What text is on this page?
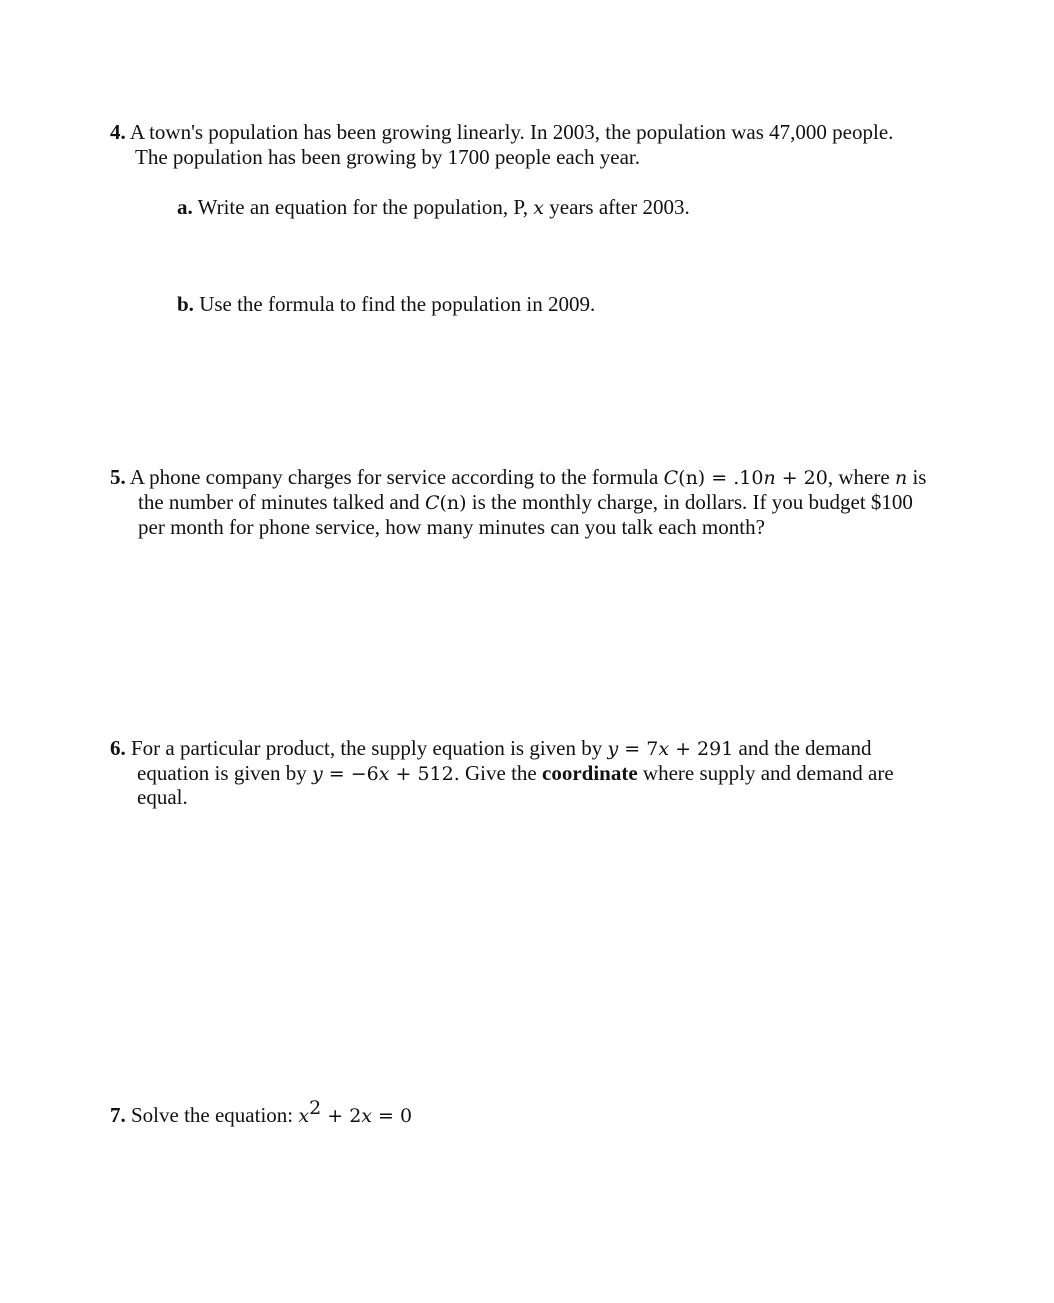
4. A town's population has been growing linearly. In 2003, the population was 47,000 people.
The population has been growing by 1700 people each year.
a. Write an equation for the population, P, x years after 2003.
b. Use the formula to find the population in 2009.
5. A phone company charges for service according to the formula C(n) = .10n + 20, where n is
the number of minutes talked and C(n) is the monthly charge, in dollars. If you budget $100
per month for phone service, how many minutes can you talk each month?
6. For a particular product, the supply equation is given by y = 7x + 291 and the demand
equation is given by y = −6x + 512. Give the coordinate where supply and demand are
equal.
7. Solve the equation: $x^2 + 2x = 0$
